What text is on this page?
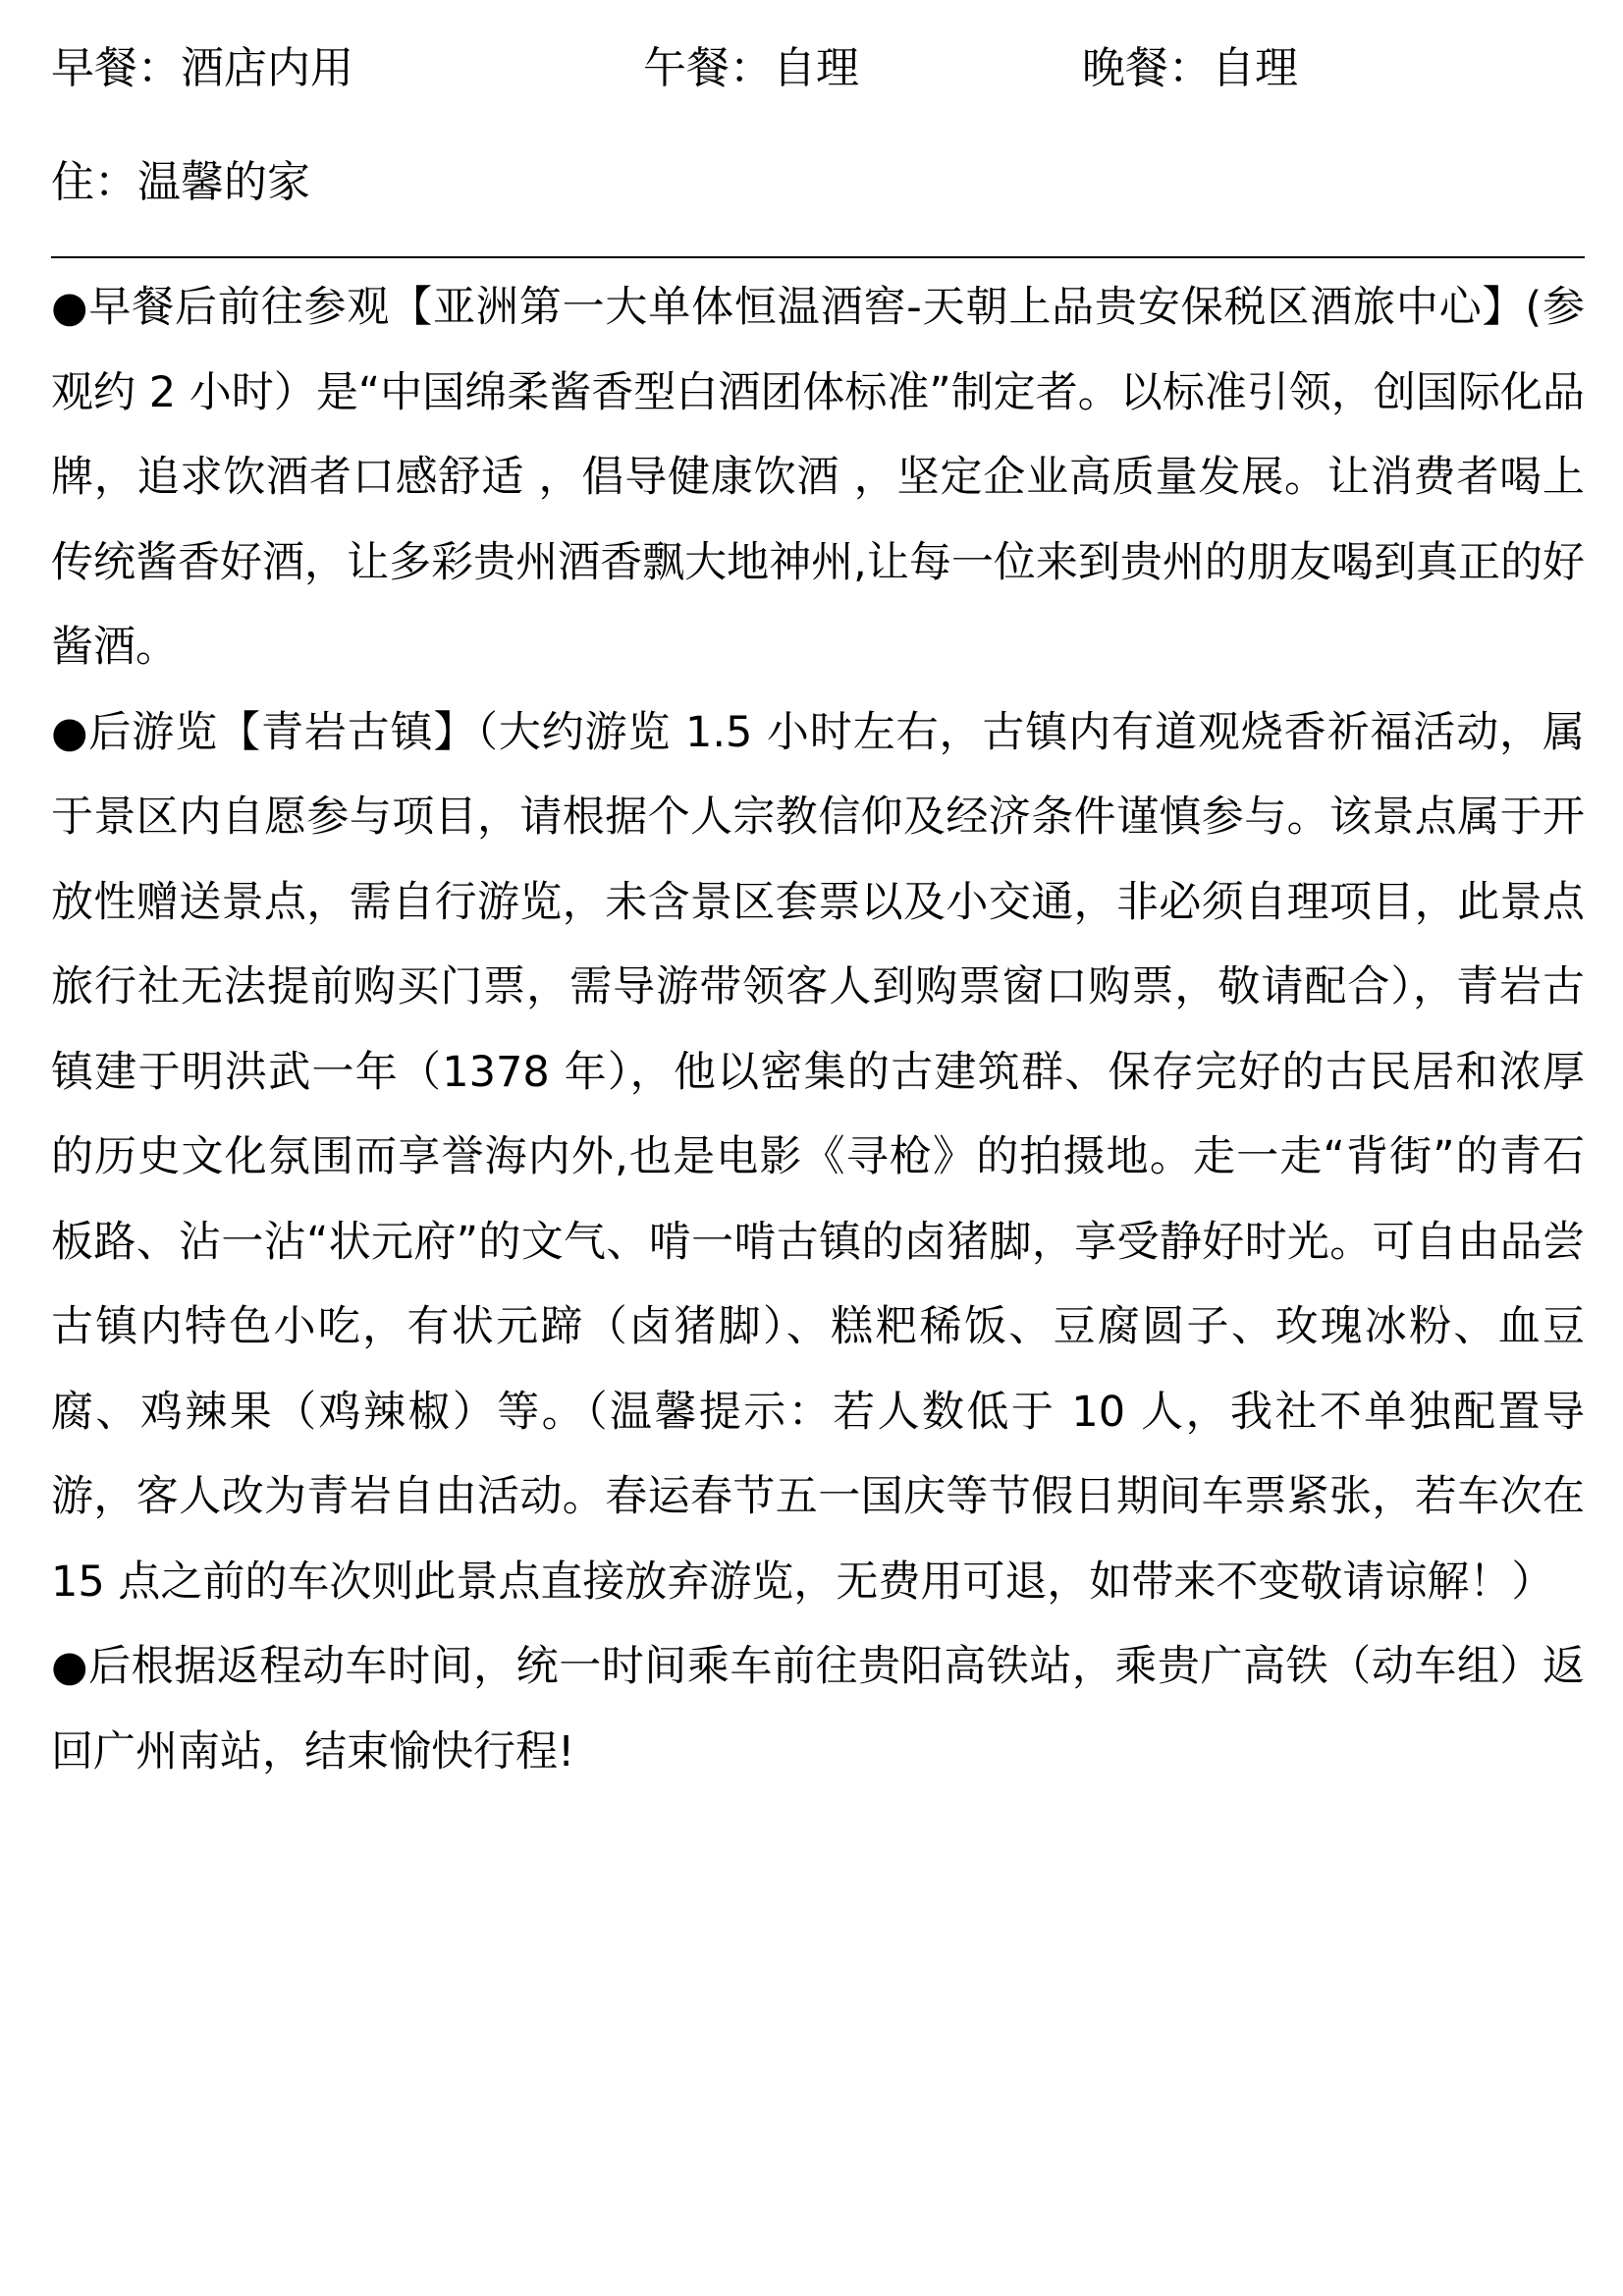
早餐：酒店内用	午餐：自理	晚餐：自理
住：温馨的家

●早餐后前往参观【亚洲第一大单体恒温酒窖-天朝上品贵安保税区酒旅中心】(参观约 2 小时）是“中国绵柔酱香型白酒团体标准”制定者。以标准引领，创国际化品牌，追求饮酒者口感舒适 ，倡导健康饮酒 ，坚定企业高质量发展。让消费者喝上传统酱香好酒，让多彩贵州酒香飘大地神州,让每一位来到贵州的朋友喝到真正的好酱酒。

●后游览【青岩古镇】（大约游览 1.5 小时左右，古镇内有道观烧香祈福活动，属于景区内自愿参与项目，请根据个人宗教信仰及经济条件谨慎参与。该景点属于开放性赠送景点，需自行游览，未含景区套票以及小交通，非必须自理项目，此景点旅行社无法提前购买门票，需导游带领客人到购票窗口购票，敬请配合），青岩古镇建于明洪武一年（1378 年），他以密集的古建筑群、保存完好的古民居和浓厚的历史文化氛围而享誉海内外,也是电影《寻枪》的拍摄地。走一走“背街”的青石板路、沾一沾“状元府”的文气、啃一啃古镇的卤猪脚，享受静好时光。可自由品尝古镇内特色小吃，有状元蹄（卤猪脚）、糕粑稀饭、豆腐圆子、玫瑰冰粉、血豆腐、鸡辣果（鸡辣椒）等。（温馨提示：若人数低于 10 人，我社不单独配置导游，客人改为青岩自由活动。春运春节五一国庆等节假日期间车票紧张，若车次在 15 点之前的车次则此景点直接放弃游览，无费用可退，如带来不变敬请谅解！）

●后根据返程动车时间，统一时间乘车前往贵阳高铁站，乘贵广高铁（动车组）返回广州南站，结束愉快行程!
